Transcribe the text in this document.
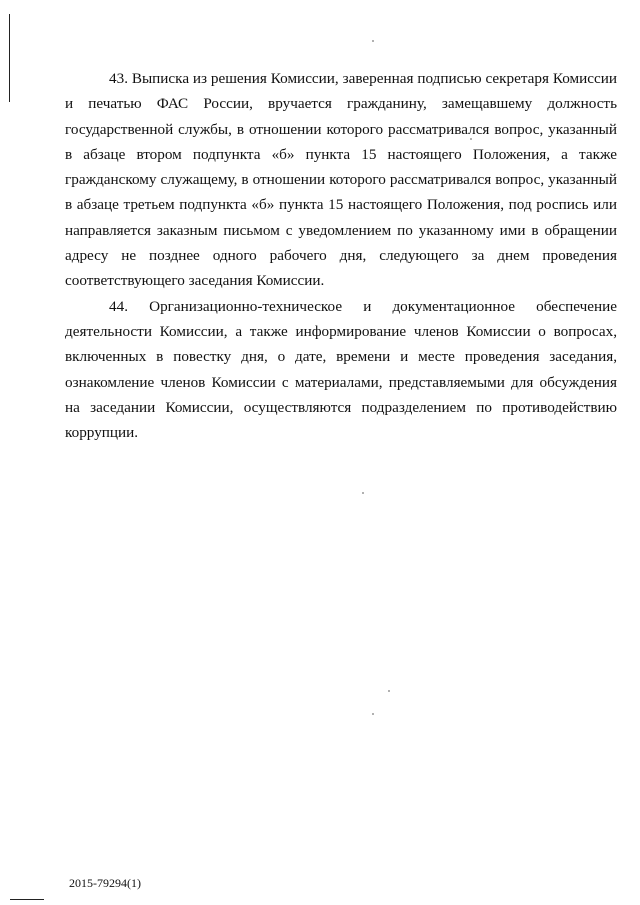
43. Выписка из решения Комиссии, заверенная подписью секретаря Комиссии и печатью ФАС России, вручается гражданину, замещавшему должность государственной службы, в отношении которого рассматривался вопрос, указанный в абзаце втором подпункта «б» пункта 15 настоящего Положения, а также гражданскому служащему, в отношении которого рассматривался вопрос, указанный в абзаце третьем подпункта «б» пункта 15 настоящего Положения, под роспись или направляется заказным письмом с уведомлением по указанному ими в обращении адресу не позднее одного рабочего дня, следующего за днем проведения соответствующего заседания Комиссии.

44. Организационно-техническое и документационное обеспечение деятельности Комиссии, а также информирование членов Комиссии о вопросах, включенных в повестку дня, о дате, времени и месте проведения заседания, ознакомление членов Комиссии с материалами, представляемыми для обсуждения на заседании Комиссии, осуществляются подразделением по противодействию коррупции.

2015-79294(1)
